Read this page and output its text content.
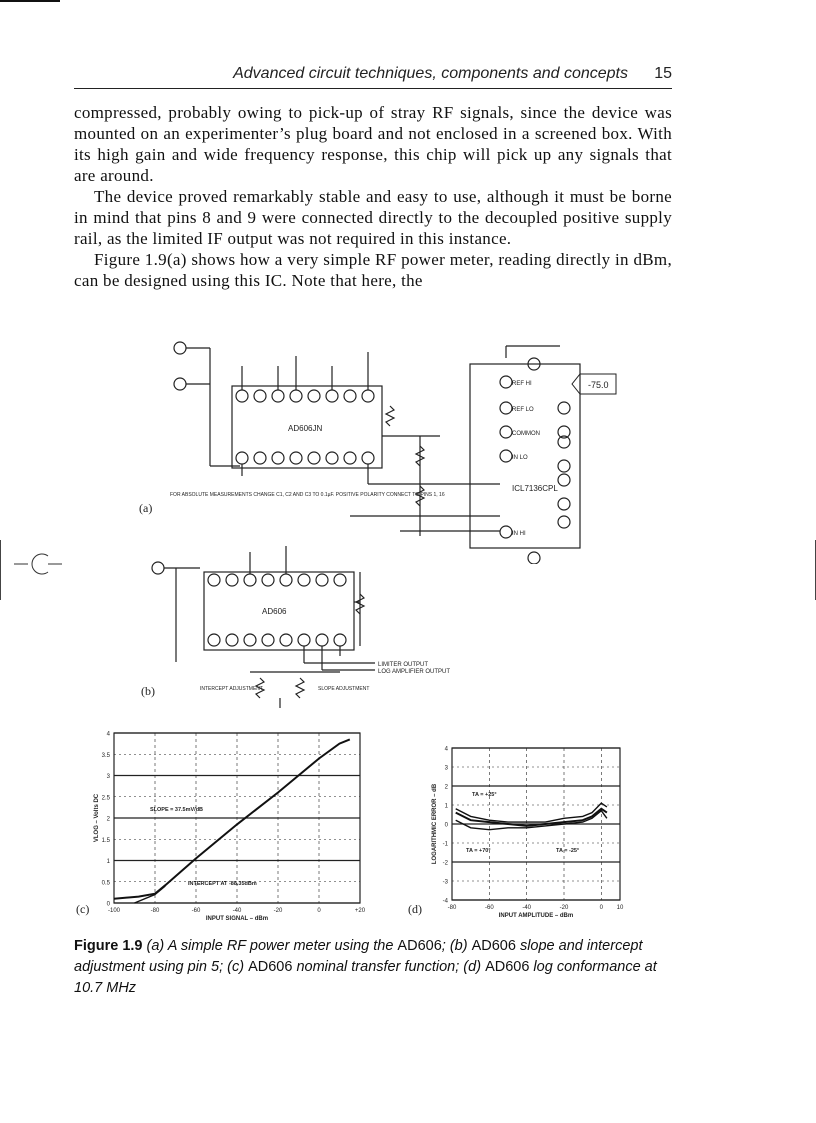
Advanced circuit techniques, components and concepts 15

compressed, probably owing to pick-up of stray RF signals, since the device was mounted on an experimenter’s plug board and not enclosed in a screened box. With its high gain and wide frequency response, this chip will pick up any signals that are around.

The device proved remarkably stable and easy to use, although it must be borne in mind that pins 8 and 9 were connected directly to the decoupled positive supply rail, as the limited IF output was not required in this instance.

Figure 1.9(a) shows how a very simple RF power meter, reading directly in dBm, can be designed using this IC. Note that here, the

-75.0
AD606JN
ICL7136CPL
REF HI
REF LO
COMMON
IN LO
IN HI
FOR ABSOLUTE MEASUREMENTS CHANGE C1, C2 AND C3 TO 0.1µF. POSITIVE POLARITY CONNECT TO PINS 1, 16
(a)
AD606
LIMITER OUTPUT
LOG AMPLIFIER OUTPUT
INTERCEPT ADJUSTMENT	SLOPE ADJUSTMENT
(b)
0
0.5
1
1.5
2
2.5
3
3.5
4
-100	-80	-60	-40	-20	0	+20
INPUT SIGNAL – dBm
VLOG – Volts DC	SLOPE = 37.5mV/dB
INTERCEPT AT -88.35dBm
(c)
-4
-3
-2
-1
0
1
2
3
4
-80	-60	-40	-20	0 10
INPUT AMPLITUDE – dBm
LOGARITHMIC ERROR – dB	TA = +25°
TA = +70°	TA = -25°
(d)
Figure 1.9 (a) A simple RF power meter using the AD606; (b) AD606 slope and intercept adjustment using pin 5; (c) AD606 nominal transfer function; (d) AD606 log conformance at 10.7 MHz
